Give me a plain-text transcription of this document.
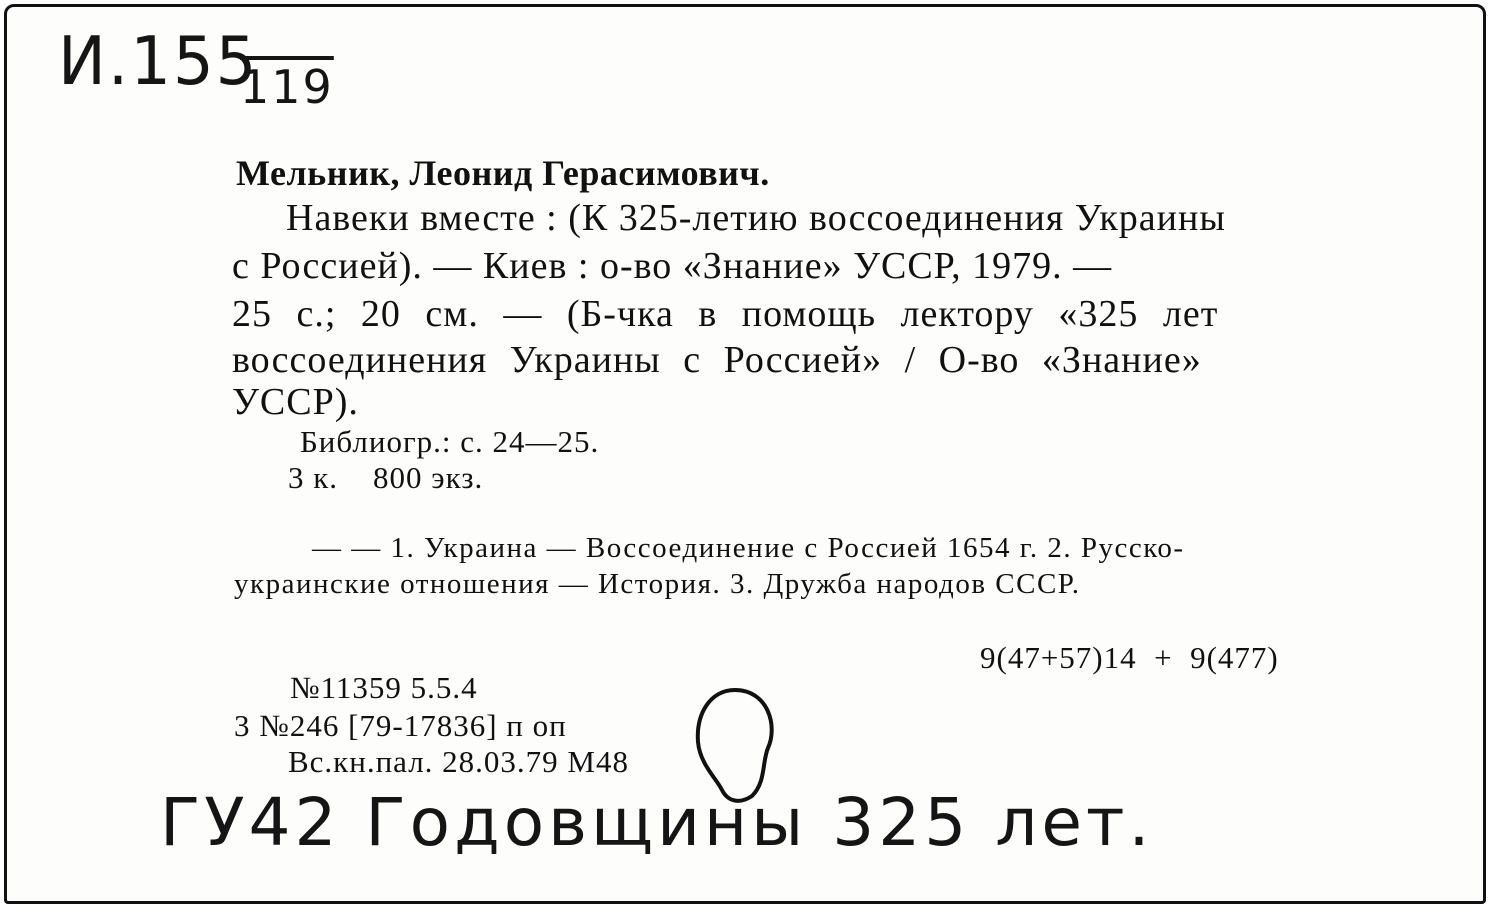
И.155
119
Мельник, Леонид Герасимович.
Навеки вместе : (К 325-летию воссоединения Украины
с Россией). — Киев : о-во «Знание» УССР, 1979. —
25 с.; 20 см. — (Б-чка в помощь лектору «325 лет
воссоединения Украины с Россией» / О-во «Знание»
УССР).
Библиогр.: с. 24—25.
3 к.    800 экз.
— — 1. Украина — Воссоединение с Россией 1654 г. 2. Русско-
украинские отношения — История. 3. Дружба народов СССР.
9(47+57)14  +  9(477)
№11359 5.5.4
3 №246 [79-17836] п оп
Вс.кн.пал. 28.03.79 М48
ГУ42 Годовщины 325 лет.
